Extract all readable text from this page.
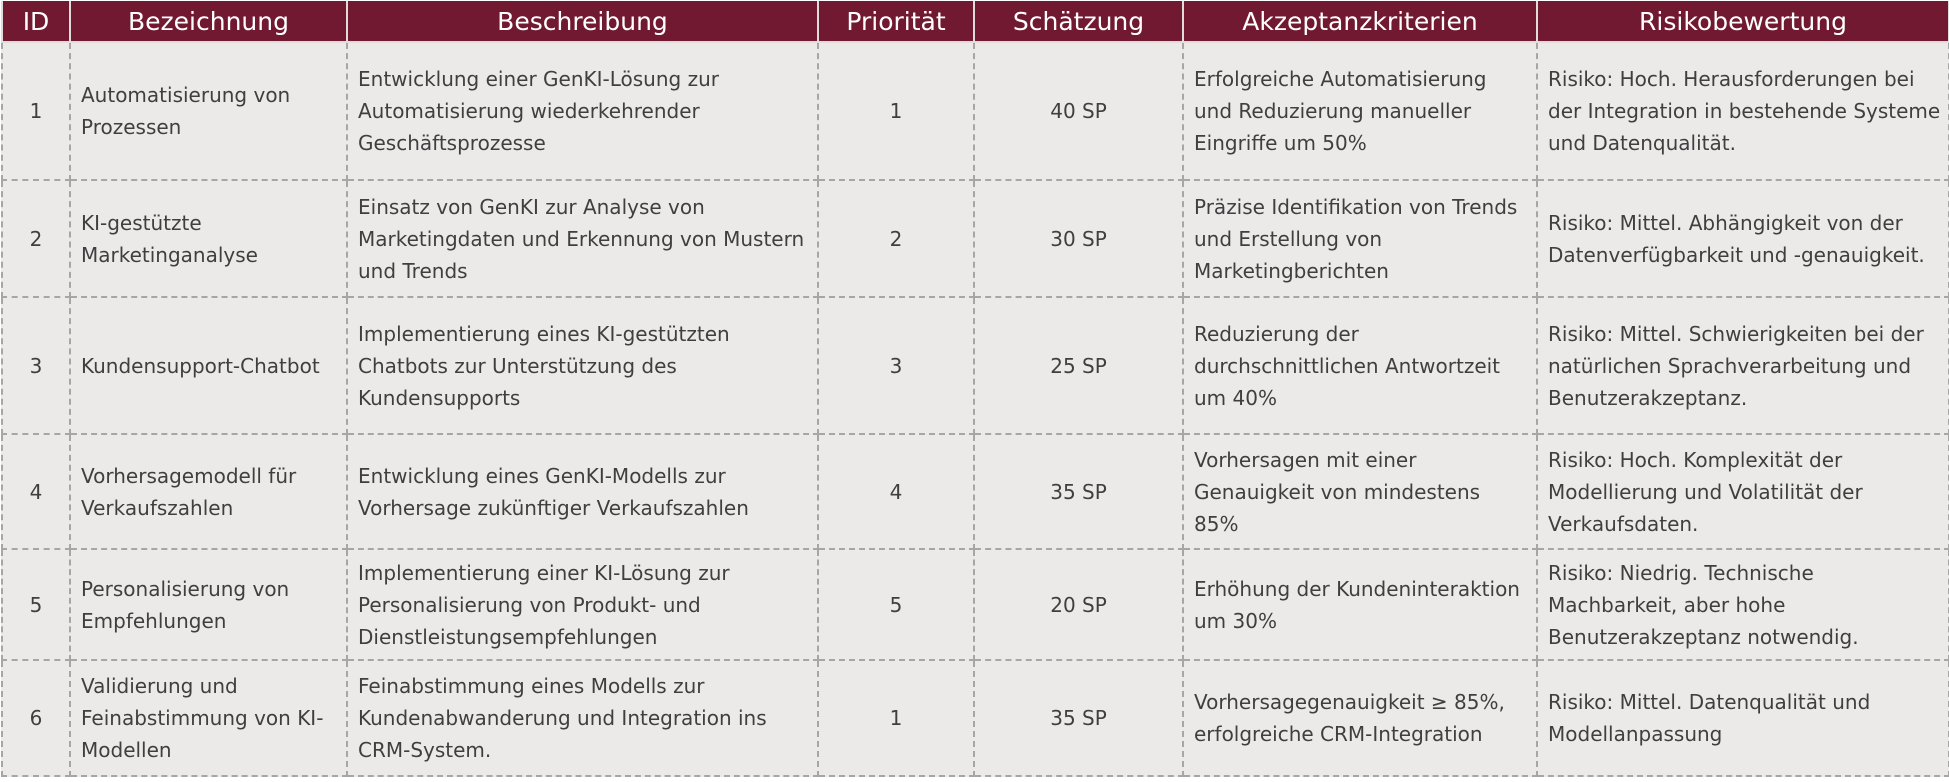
ID	Bezeichnung	Beschreibung	Priorität	Schätzung	Akzeptanzkriterien	Risikobewertung
1	Automatisierung von Prozessen	Entwicklung einer GenKI-Lösung zur Automatisierung wiederkehrender Geschäftsprozesse	1	40 SP	Erfolgreiche Automatisierung und Reduzierung manueller Eingriffe um 50%	Risiko: Hoch. Herausforderungen bei der Integration in bestehende Systeme und Datenqualität.
2	KI-gestützte Marketinganalyse	Einsatz von GenKI zur Analyse von Marketingdaten und Erkennung von Mustern und Trends	2	30 SP	Präzise Identifikation von Trends und Erstellung von Marketingberichten	Risiko: Mittel. Abhängigkeit von der Datenverfügbarkeit und -genauigkeit.
3	Kundensupport-Chatbot	Implementierung eines KI-gestützten Chatbots zur Unterstützung des Kundensupports	3	25 SP	Reduzierung der durchschnittlichen Antwortzeit um 40%	Risiko: Mittel. Schwierigkeiten bei der natürlichen Sprachverarbeitung und Benutzerakzeptanz.
4	Vorhersagemodell für Verkaufszahlen	Entwicklung eines GenKI-Modells zur Vorhersage zukünftiger Verkaufszahlen	4	35 SP	Vorhersagen mit einer Genauigkeit von mindestens 85%	Risiko: Hoch. Komplexität der Modellierung und Volatilität der Verkaufsdaten.
5	Personalisierung von Empfehlungen	Implementierung einer KI-Lösung zur Personalisierung von Produkt- und Dienstleistungsempfehlungen	5	20 SP	Erhöhung der Kundeninteraktion um 30%	Risiko: Niedrig. Technische Machbarkeit, aber hohe Benutzerakzeptanz notwendig.
6	Validierung und Feinabstimmung von KI-Modellen	Feinabstimmung eines Modells zur Kundenabwanderung und Integration ins CRM-System.	1	35 SP	Vorhersagegenauigkeit ≥ 85%, erfolgreiche CRM-Integration	Risiko: Mittel. Datenqualität und Modellanpassung
